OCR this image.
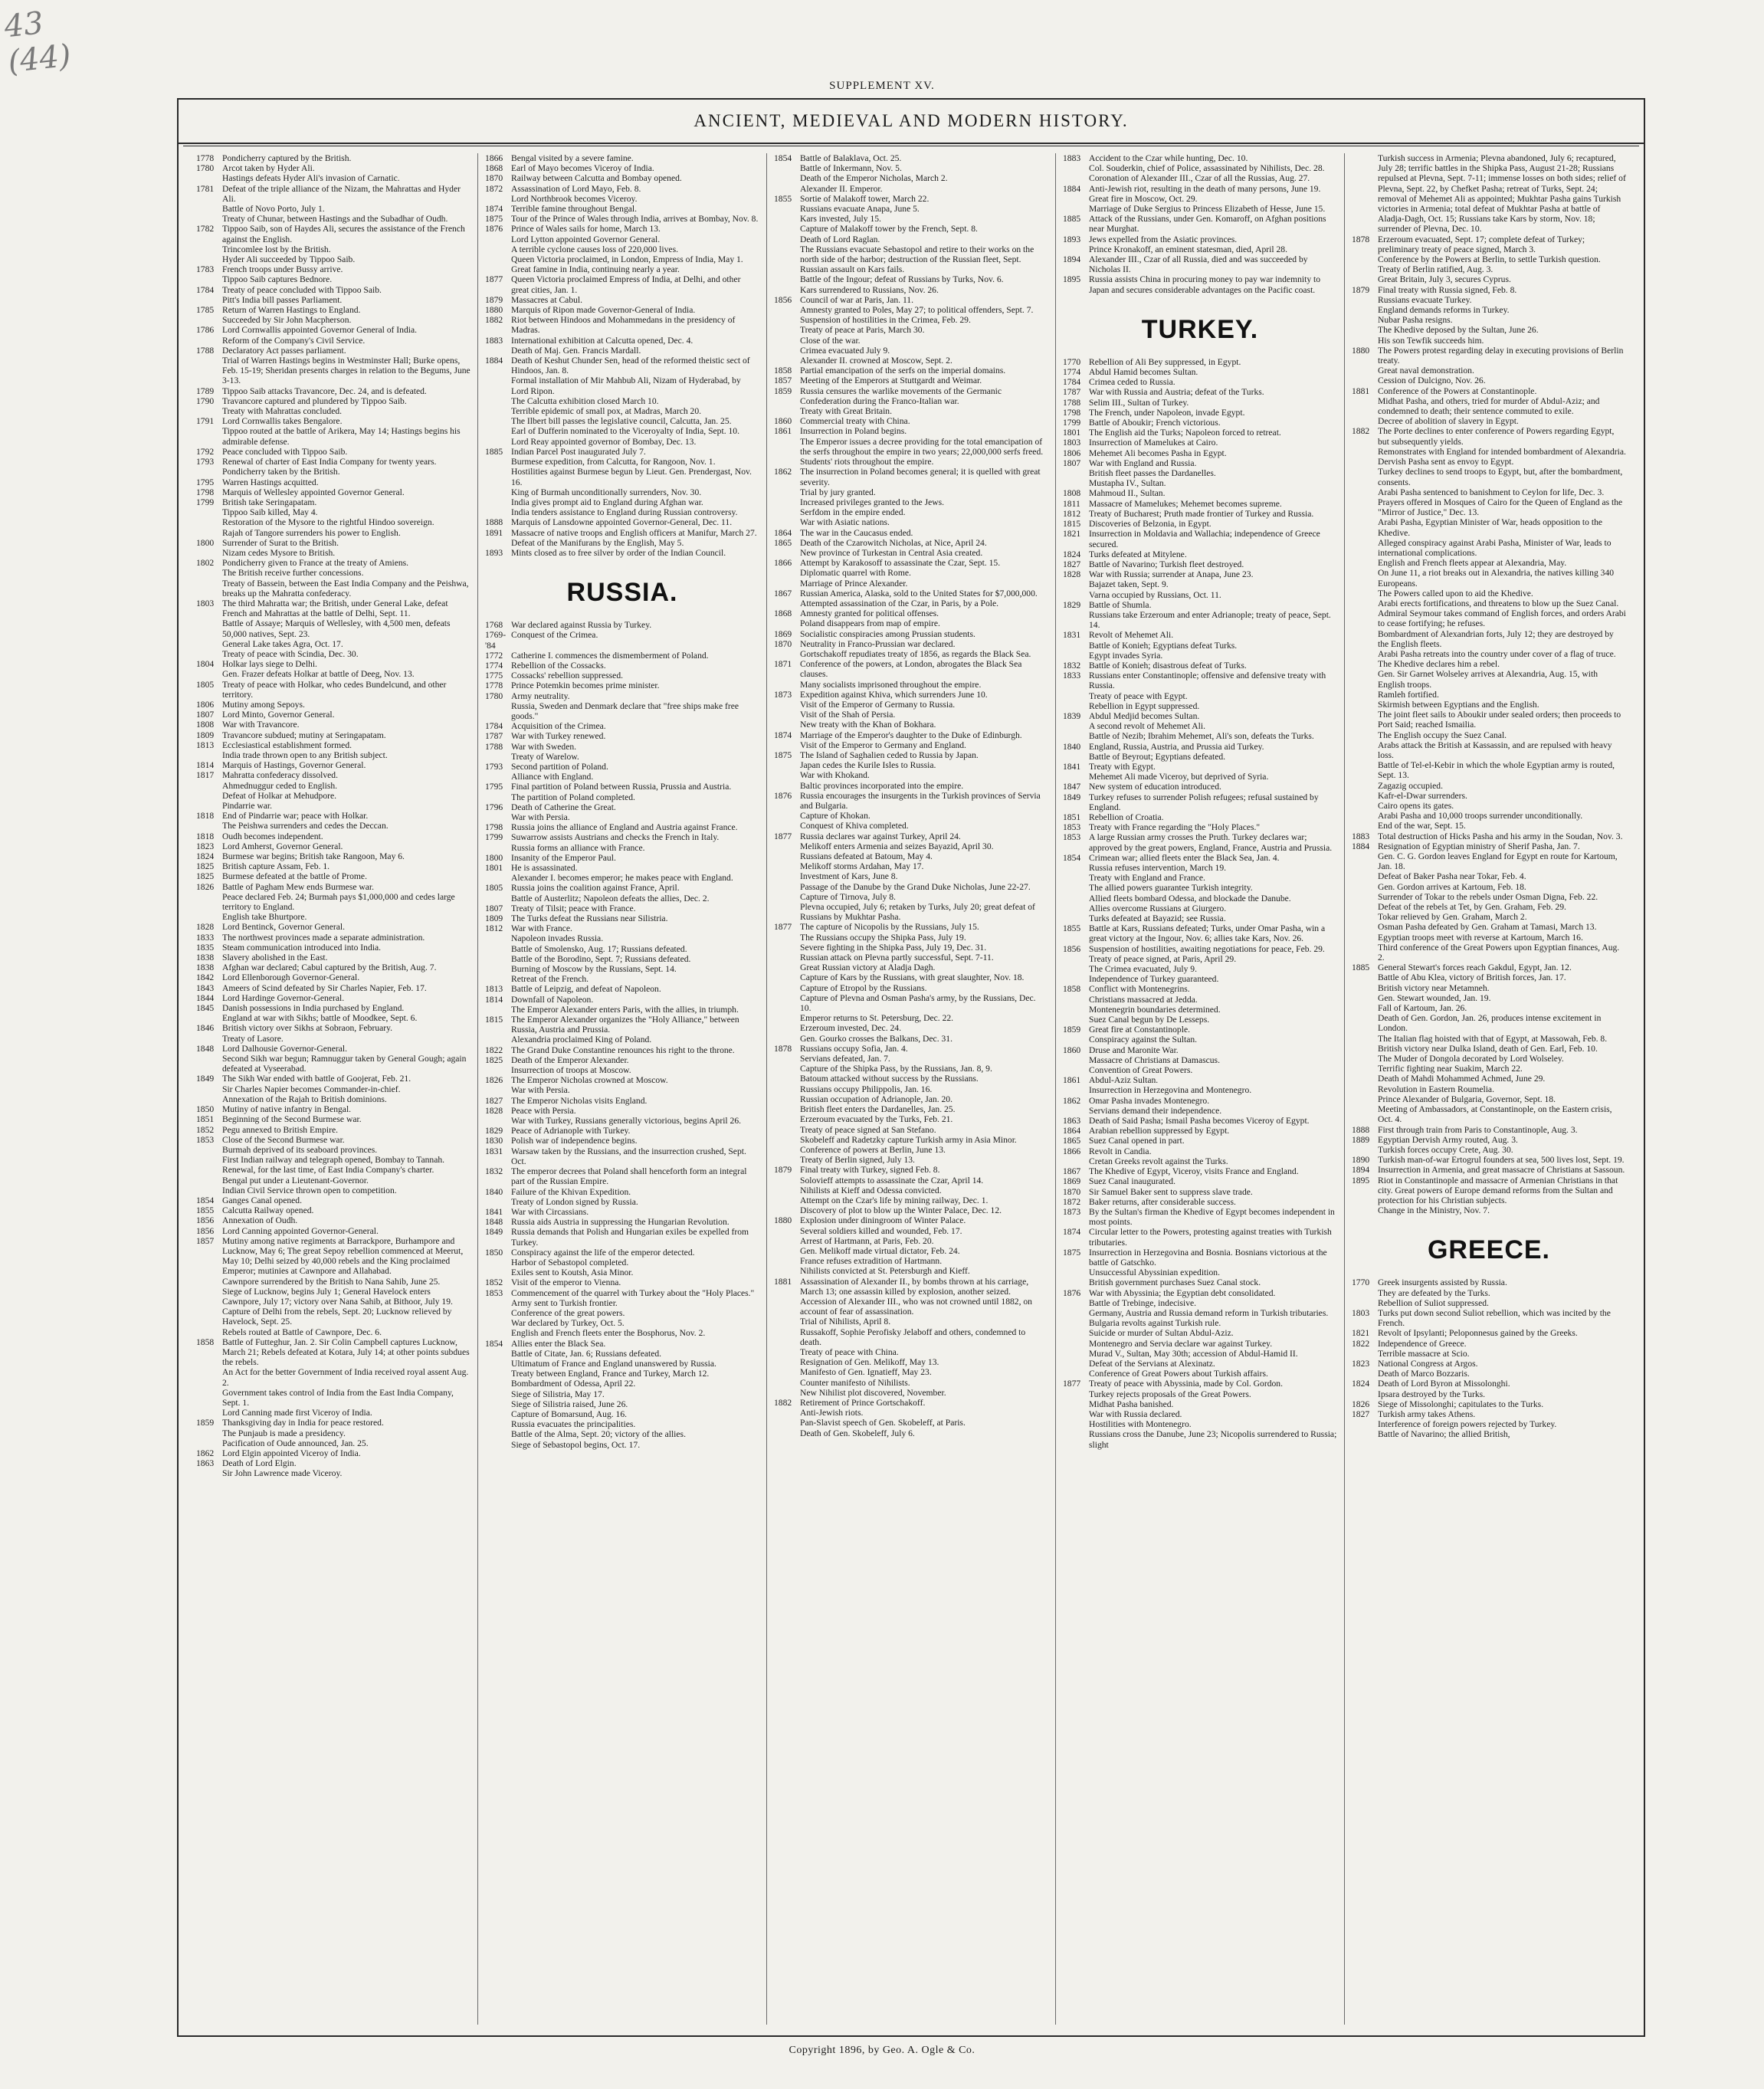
43
(44)
SUPPLEMENT XV.
ANCIENT, MEDIEVAL AND MODERN HISTORY.
1778 Pondicherry captured by the British.
1780 Arcot taken by Hyder Ali.
Hastings defeats Hyder Ali's invasion of Carnatic.
1781 Defeat of the triple alliance of the Nizam, the Mahrattas and Hyder Ali.
Battle of Novo Porto, July 1.
Treaty of Chunar, between Hastings and the Subadhar of Oudh.
1782 Tippoo Saib, son of Haydes Ali, secures the assistance of the French against the English.
Trincomlee lost by the British.
Hyder Ali succeeded by Tippoo Saib.
1783 French troops under Bussy arrive.
Tippoo Saib captures Bednore.
1784 Treaty of peace concluded with Tippoo Saib.
Pitt's India bill passes Parliament.
1785 Return of Warren Hastings to England.
Succeeded by Sir John Macpherson.
1786 Lord Cornwallis appointed Governor General of India.
Reform of the Company's Civil Service.
1788 Declaratory Act passes parliament.
Trial of Warren Hastings begins in Westminster Hall; Burke opens, Feb. 15-19; Sheridan presents charges in relation to the Begums, June 3-13.
1789 Tippoo Saib attacks Travancore, Dec. 24, and is defeated.
1790 Travancore captured and plundered by Tippoo Saib.
Treaty with Mahrattas concluded.
1791 Lord Cornwallis takes Bengalore.
Tippoo routed at the battle of Arikera, May 14; Hastings begins his admirable defense.
1792 Peace concluded with Tippoo Saib.
1793 Renewal of charter of East India Company for twenty years.
Pondicherry taken by the British.
1795 Warren Hastings acquitted.
1798 Marquis of Wellesley appointed Governor General.
1799 British take Seringapatam.
Tippoo Saib killed, May 4.
Restoration of the Mysore to the rightful Hindoo sovereign.
Rajah of Tangore surrenders his power to English.
1800 Surrender of Surat to the British.
Nizam cedes Mysore to British.
1802 Pondicherry given to France at the treaty of Amiens.
The British receive further concessions.
Treaty of Bassein, between the East India Company and the Peishwa, breaks up the Mahratta confederacy.
1803 The third Mahratta war; the British, under General Lake, defeat French and Mahrattas at the battle of Delhi, Sept. 11.
Battle of Assaye; Marquis of Wellesley, with 4,500 men, defeats 50,000 natives, Sept. 23.
General Lake takes Agra, Oct. 17.
Treaty of peace with Scindia, Dec. 30.
1804 Holkar lays siege to Delhi.
Gen. Frazer defeats Holkar at battle of Deeg, Nov. 13.
1805 Treaty of peace with Holkar, who cedes Bundelcund, and other territory.
1806 Mutiny among Sepoys.
1807 Lord Minto, Governor General.
1808 War with Travancore.
1809 Travancore subdued; mutiny at Seringapatam.
1813 Ecclesiastical establishment formed.
India trade thrown open to any British subject.
1814 Marquis of Hastings, Governor General.
1817 Mahratta confederacy dissolved.
Ahmednuggur ceded to English.
Defeat of Holkar at Mehudpore.
Pindarrie war.
1818 End of Pindarrie war; peace with Holkar.
The Peishwa surrenders and cedes the Deccan.
1818 Oudh becomes independent.
1823 Lord Amherst, Governor General.
1824 Burmese war begins; British take Rangoon, May 6.
1825 British capture Assam, Feb. 1.
1825 Burmese defeated at the battle of Prome.
1826 Battle of Pagham Mew ends Burmese war.
Peace declared Feb. 24; Burmah pays $1,000,000 and cedes large territory to England.
English take Bhurtpore.
1828 Lord Bentinck, Governor General.
1833 The northwest provinces made a separate administration.
1835 Steam communication introduced into India.
1838 Slavery abolished in the East.
1838 Afghan war declared; Cabul captured by the British, Aug. 7.
1842 Lord Ellenborough Governor-General.
1843 Ameers of Scind defeated by Sir Charles Napier, Feb. 17.
1844 Lord Hardinge Governor-General.
1845 Danish possessions in India purchased by England.
England at war with Sikhs; battle of Moodkee, Sept. 6.
1846 British victory over Sikhs at Sobraon, February.
Treaty of Lasore.
1848 Lord Dalhousie Governor-General.
Second Sikh war begun; Ramnuggur taken by General Gough; again defeated at Vyseerabad.
1849 The Sikh War ended with battle of Goojerat, Feb. 21.
Sir Charles Napier becomes Commander-in-chief.
Annexation of the Rajah to British dominions.
1850 Mutiny of native infantry in Bengal.
1851 Beginning of the Second Burmese war.
1852 Pegu annexed to British Empire.
1853 Close of the Second Burmese war.
Burmah deprived of its seaboard provinces.
First Indian railway and telegraph opened, Bombay to Tannah.
Renewal, for the last time, of East India Company's charter.
Bengal put under a Lieutenant-Governor.
Indian Civil Service thrown open to competition.
1854 Ganges Canal opened.
1855 Calcutta Railway opened.
1856 Annexation of Oudh.
1856 Lord Canning appointed Governor-General.
1857 Mutiny among native regiments at Barrackpore, Burhampore and Lucknow, May 6; The great Sepoy rebellion commenced at Meerut, May 10; Delhi seized by 40,000 rebels and the King proclaimed Emperor; mutinies at Cawnpore and Allahabad.
Cawnpore surrendered by the British to Nana Sahib, June 25.
Siege of Lucknow, begins July 1; General Havelock enters Cawnpore, July 17; victory over Nana Sahib, at Bithoor, July 19.
Capture of Delhi from the rebels, Sept. 20; Lucknow relieved by Havelock, Sept. 25.
Rebels routed at Battle of Cawnpore, Dec. 6.
1858 Battle of Futteghur, Jan. 2. Sir Colin Campbell captures Lucknow, March 21; Rebels defeated at Kotara, July 14; at other points subdues the rebels.
An Act for the better Government of India received royal assent Aug. 2.
Government takes control of India from the East India Company, Sept. 1.
Lord Canning made first Viceroy of India.
1859 Thanksgiving day in India for peace restored.
The Punjaub is made a presidency.
Pacification of Oude announced, Jan. 25.
1862 Lord Elgin appointed Viceroy of India.
1863 Death of Lord Elgin.
Sir John Lawrence made Viceroy.
1866 Bengal visited by a severe famine.
1868 Earl of Mayo becomes Viceroy of India.
1870 Railway between Calcutta and Bombay opened.
1872 Assassination of Lord Mayo, Feb. 8.
Lord Northbrook becomes Viceroy.
1874 Terrible famine throughout Bengal.
1875 Tour of the Prince of Wales through India, arrives at Bombay, Nov. 8.
1876 Prince of Wales sails for home, March 13.
Lord Lytton appointed Governor General.
A terrible cyclone causes loss of 220,000 lives.
Queen Victoria proclaimed, in London, Empress of India, May 1.
Great famine in India, continuing nearly a year.
1877 Queen Victoria proclaimed Empress of India, at Delhi, and other great cities, Jan. 1.
1879 Massacres at Cabul.
1880 Marquis of Ripon made Governor-General of India.
1882 Riot between Hindoos and Mohammedans in the presidency of Madras.
1883 International exhibition at Calcutta opened, Dec. 4.
Death of Maj. Gen. Francis Mardall.
1884 Death of Keshut Chunder Sen, head of the reformed theistic sect of Hindoos, Jan. 8.
Formal installation of Mir Mahbub Ali, Nizam of Hyderabad, by Lord Ripon.
The Calcutta exhibition closed March 10.
Terrible epidemic of small pox, at Madras, March 20.
The Ilbert bill passes the legislative council, Calcutta, Jan. 25.
Earl of Dufferin nominated to the Viceroyalty of India, Sept. 10.
Lord Reay appointed governor of Bombay, Dec. 13.
1885 Indian Parcel Post inaugurated July 7.
Burmese expedition, from Calcutta, for Rangoon, Nov. 1.
Hostilities against Burmese begun by Lieut. Gen. Prendergast, Nov. 16.
King of Burmah unconditionally surrenders, Nov. 30.
India gives prompt aid to England during Afghan war.
India tenders assistance to England during Russian controversy.
1888 Marquis of Lansdowne appointed Governor-General, Dec. 11.
1891 Massacre of native troops and English officers at Manifur, March 27.
Defeat of the Manifurans by the English, May 5.
1893 Mints closed as to free silver by order of the Indian Council.
RUSSIA.
1768 War declared against Russia by Turkey.
1769-'84
Conquest of the Crimea.
1772 Catherine I. commences the dismemberment of Poland.
1774 Rebellion of the Cossacks.
1775 Cossacks' rebellion suppressed.
1778 Prince Potemkin becomes prime minister.
1780 Army neutrality.
Russia, Sweden and Denmark declare that "free ships make free goods."
1784 Acquisition of the Crimea.
1787 War with Turkey renewed.
1788 War with Sweden.
Treaty of Warelow.
1793 Second partition of Poland.
Alliance with England.
1795 Final partition of Poland between Russia, Prussia and Austria.
The partition of Poland completed.
1796 Death of Catherine the Great.
War with Persia.
1798 Russia joins the alliance of England and Austria against France.
1799 Suwarrow assists Austrians and checks the French in Italy.
Russia forms an alliance with France.
1800 Insanity of the Emperor Paul.
1801 He is assassinated.
Alexander I. becomes emperor; he makes peace with England.
1805 Russia joins the coalition against France, April.
Battle of Austerlitz; Napoleon defeats the allies, Dec. 2.
1807 Treaty of Tilsit; peace with France.
1809 The Turks defeat the Russians near Silistria.
1812 War with France.
Napoleon invades Russia.
Battle of Smolensko, Aug. 17; Russians defeated.
Battle of the Borodino, Sept. 7; Russians defeated.
Burning of Moscow by the Russians, Sept. 14.
Retreat of the French.
1813 Battle of Leipzig, and defeat of Napoleon.
1814 Downfall of Napoleon.
The Emperor Alexander enters Paris, with the allies, in triumph.
1815 The Emperor Alexander organizes the "Holy Alliance," between Russia, Austria and Prussia.
Alexandria proclaimed King of Poland.
1822 The Grand Duke Constantine renounces his right to the throne.
1825 Death of the Emperor Alexander.
Insurrection of troops at Moscow.
1826 The Emperor Nicholas crowned at Moscow.
War with Persia.
1827 The Emperor Nicholas visits England.
1828 Peace with Persia.
War with Turkey, Russians generally victorious, begins April 26.
1829 Peace of Adrianople with Turkey.
1830 Polish war of independence begins.
1831 Warsaw taken by the Russians, and the insurrection crushed, Sept. Oct.
1832 The emperor decrees that Poland shall henceforth form an integral part of the Russian Empire.
1840 Failure of the Khivan Expedition.
Treaty of London signed by Russia.
1841 War with Circassians.
1848 Russia aids Austria in suppressing the Hungarian Revolution.
1849 Russia demands that Polish and Hungarian exiles be expelled from Turkey.
1850 Conspiracy against the life of the emperor detected.
Harbor of Sebastopol completed.
Exiles sent to Koutsh, Asia Minor.
1852 Visit of the emperor to Vienna.
1853 Commencement of the quarrel with Turkey about the "Holy Places."
Army sent to Turkish frontier.
Conference of the great powers.
War declared by Turkey, Oct. 5.
English and French fleets enter the Bosphorus, Nov. 2.
1854 Allies enter the Black Sea.
Battle of Citate, Jan. 6; Russians defeated.
Ultimatum of France and England unanswered by Russia.
Treaty between England, France and Turkey, March 12.
Bombardment of Odessa, April 22.
Siege of Silistria, May 17.
Siege of Silistria raised, June 26.
Capture of Bomarsund, Aug. 16.
Russia evacuates the principalities.
Battle of the Alma, Sept. 20; victory of the allies.
Siege of Sebastopol begins, Oct. 17.
1854 Battle of Balaklava, Oct. 25.
Battle of Inkermann, Nov. 5.
Death of the Emperor Nicholas, March 2.
Alexander II. Emperor.
1855 Sortie of Malakoff tower, March 22.
Russians evacuate Anapa, June 5.
Kars invested, July 15.
Capture of Malakoff tower by the French, Sept. 8.
Death of Lord Raglan.
The Russians evacuate Sebastopol and retire to their works on the north side of the harbor; destruction of the Russian fleet, Sept.
Russian assault on Kars fails.
Battle of the Ingour; defeat of Russians by Turks, Nov. 6.
Kars surrendered to Russians, Nov. 26.
1856 Council of war at Paris, Jan. 11.
Amnesty granted to Poles, May 27; to political offenders, Sept. 7.
Suspension of hostilities in the Crimea, Feb. 29.
Treaty of peace at Paris, March 30.
Close of the war.
Crimea evacuated July 9.
Alexander II. crowned at Moscow, Sept. 2.
1858 Partial emancipation of the serfs on the imperial domains.
1857 Meeting of the Emperors at Stuttgardt and Weimar.
1859 Russia censures the warlike movements of the Germanic Confederation during the Franco-Italian war.
Treaty with Great Britain.
1860 Commercial treaty with China.
1861 Insurrection in Poland begins.
The Emperor issues a decree providing for the total emancipation of the serfs throughout the empire in two years; 22,000,000 serfs freed.
Students' riots throughout the empire.
1862 The insurrection in Poland becomes general; it is quelled with great severity.
Trial by jury granted.
Increased privileges granted to the Jews.
Serfdom in the empire ended.
War with Asiatic nations.
1864 The war in the Caucasus ended.
1865 Death of the Czarowitch Nicholas, at Nice, April 24.
New province of Turkestan in Central Asia created.
1866 Attempt by Karakosoff to assassinate the Czar, Sept. 15.
Diplomatic quarrel with Rome.
Marriage of Prince Alexander.
1867 Russian America, Alaska, sold to the United States for $7,000,000.
Attempted assassination of the Czar, in Paris, by a Pole.
1868 Amnesty granted for political offenses.
Poland disappears from map of empire.
1869 Socialistic conspiracies among Prussian students.
1870 Neutrality in Franco-Prussian war declared.
Gortschakoff repudiates treaty of 1856, as regards the Black Sea.
1871 Conference of the powers, at London, abrogates the Black Sea clauses.
Many socialists imprisoned throughout the empire.
1873 Expedition against Khiva, which surrenders June 10.
Visit of the Emperor of Germany to Russia.
Visit of the Shah of Persia.
New treaty with the Khan of Bokhara.
1874 Marriage of the Emperor's daughter to the Duke of Edinburgh.
Visit of the Emperor to Germany and England.
1875 The Island of Saghalien ceded to Russia by Japan.
Japan cedes the Kurile Isles to Russia.
War with Khokand.
Baltic provinces incorporated into the empire.
1876 Russia encourages the insurgents in the Turkish provinces of Servia and Bulgaria.
Capture of Khokan.
Conquest of Khiva completed.
1877 Russia declares war against Turkey, April 24.
Melikoff enters Armenia and seizes Bayazid, April 30.
Russians defeated at Batoum, May 4.
Melikoff storms Ardahan, May 17.
Investment of Kars, June 8.
Passage of the Danube by the Grand Duke Nicholas, June 22-27.
Capture of Tirnova, July 8.
Plevna occupied, July 6; retaken by Turks, July 20; great defeat of Russians by Mukhtar Pasha.
1877 The capture of Nicopolis by the Russians, July 15.
The Russians occupy the Shipka Pass, July 19.
Severe fighting in the Shipka Pass, July 19, Dec. 31.
Russian attack on Plevna partly successful, Sept. 7-11.
Great Russian victory at Aladja Dagh.
Capture of Kars by the Russians, with great slaughter, Nov. 18.
Capture of Etropol by the Russians.
Capture of Plevna and Osman Pasha's army, by the Russians, Dec. 10.
Emperor returns to St. Petersburg, Dec. 22.
Erzeroum invested, Dec. 24.
Gen. Gourko crosses the Balkans, Dec. 31.
1878 Russians occupy Sofia, Jan. 4.
Servians defeated, Jan. 7.
Capture of the Shipka Pass, by the Russians, Jan. 8, 9.
Batoum attacked without success by the Russians.
Russians occupy Philippolis, Jan. 16.
Russian occupation of Adrianople, Jan. 20.
British fleet enters the Dardanelles, Jan. 25.
Erzeroum evacuated by the Turks, Feb. 21.
Treaty of peace signed at San Stefano.
Skobeleff and Radetzky capture Turkish army in Asia Minor.
Conference of powers at Berlin, June 13.
Treaty of Berlin signed, July 13.
1879 Final treaty with Turkey, signed Feb. 8.
Solovieff attempts to assassinate the Czar, April 14.
Nihilists at Kieff and Odessa convicted.
Attempt on the Czar's life by mining railway, Dec. 1.
Discovery of plot to blow up the Winter Palace, Dec. 12.
1880 Explosion under diningroom of Winter Palace.
Several soldiers killed and wounded, Feb. 17.
Arrest of Hartmann, at Paris, Feb. 20.
Gen. Melikoff made virtual dictator, Feb. 24.
France refuses extradition of Hartmann.
Nihilists convicted at St. Petersburgh and Kieff.
1881 Assassination of Alexander II., by bombs thrown at his carriage, March 13; one assassin killed by explosion, another seized.
Accession of Alexander III., who was not crowned until 1882, on account of fear of assassination.
Trial of Nihilists, April 8.
Russakoff, Sophie Perofisky Jelaboff and others, condemned to death.
Treaty of peace with China.
Resignation of Gen. Melikoff, May 13.
Manifesto of Gen. Ignatieff, May 23.
Counter manifesto of Nihilists.
New Nihilist plot discovered, November.
1882 Retirement of Prince Gortschakoff.
Anti-Jewish riots.
Pan-Slavist speech of Gen. Skobeleff, at Paris.
Death of Gen. Skobeleff, July 6.
1883 Accident to the Czar while hunting, Dec. 10.
Col. Souderkin, chief of Police, assassinated by Nihilists, Dec. 28.
Coronation of Alexander III., Czar of all the Russias, Aug. 27.
1884 Anti-Jewish riot, resulting in the death of many persons, June 19.
Great fire in Moscow, Oct. 29.
Marriage of Duke Sergius to Princess Elizabeth of Hesse, June 15.
1885 Attack of the Russians, under Gen. Komaroff, on Afghan positions near Murghat.
1893 Jews expelled from the Asiatic provinces.
Prince Kronakoff, an eminent statesman, died, April 28.
1894 Alexander III., Czar of all Russia, died and was succeeded by Nicholas II.
1895 Russia assists China in procuring money to pay war indemnity to Japan and secures considerable advantages on the Pacific coast.
TURKEY.
1770 Rebellion of Ali Bey suppressed, in Egypt.
1774 Abdul Hamid becomes Sultan.
1784 Crimea ceded to Russia.
1787 War with Russia and Austria; defeat of the Turks.
1788 Selim III., Sultan of Turkey.
1798 The French, under Napoleon, invade Egypt.
1799 Battle of Aboukir; French victorious.
1801 The English aid the Turks; Napoleon forced to retreat.
1803 Insurrection of Mamelukes at Cairo.
1806 Mehemet Ali becomes Pasha in Egypt.
1807 War with England and Russia.
British fleet passes the Dardanelles.
Mustapha IV., Sultan.
1808 Mahmoud II., Sultan.
1811 Massacre of Mamelukes; Mehemet becomes supreme.
1812 Treaty of Bucharest; Pruth made frontier of Turkey and Russia.
1815 Discoveries of Belzonia, in Egypt.
1821 Insurrection in Moldavia and Wallachia; independence of Greece secured.
1824 Turks defeated at Mitylene.
1827 Battle of Navarino; Turkish fleet destroyed.
1828 War with Russia; surrender at Anapa, June 23.
Bajazet taken, Sept. 9.
Varna occupied by Russians, Oct. 11.
1829 Battle of Shumla.
Russians take Erzeroum and enter Adrianople; treaty of peace, Sept. 14.
1831 Revolt of Mehemet Ali.
Battle of Konieh; Egyptians defeat Turks.
Egypt invades Syria.
1832 Battle of Konieh; disastrous defeat of Turks.
1833 Russians enter Constantinople; offensive and defensive treaty with Russia.
Treaty of peace with Egypt.
Rebellion in Egypt suppressed.
1839 Abdul Medjid becomes Sultan.
A second revolt of Mehemet Ali.
Battle of Nezib; Ibrahim Mehemet, Ali's son, defeats the Turks.
1840 England, Russia, Austria, and Prussia aid Turkey.
Battle of Beyrout; Egyptians defeated.
1841 Treaty with Egypt.
Mehemet Ali made Viceroy, but deprived of Syria.
1847 New system of education introduced.
1849 Turkey refuses to surrender Polish refugees; refusal sustained by England.
1851 Rebellion of Croatia.
1853 Treaty with France regarding the "Holy Places."
1853 A large Russian army crosses the Pruth. Turkey declares war; approved by the great powers, England, France, Austria and Prussia.
1854 Crimean war; allied fleets enter the Black Sea, Jan. 4.
Russia refuses intervention, March 19.
Treaty with England and France.
The allied powers guarantee Turkish integrity.
Allied fleets bombard Odessa, and blockade the Danube.
Allies overcome Russians at Giurgero.
Turks defeated at Bayazid; see Russia.
1855 Battle at Kars, Russians defeated; Turks, under Omar Pasha, win a great victory at the Ingour, Nov. 6; allies take Kars, Nov. 26.
1856 Suspension of hostilities, awaiting negotiations for peace, Feb. 29.
Treaty of peace signed, at Paris, April 29.
The Crimea evacuated, July 9.
Independence of Turkey guaranteed.
1858 Conflict with Montenegrins.
Christians massacred at Jedda.
Montenegrin boundaries determined.
Suez Canal begun by De Lesseps.
1859 Great fire at Constantinople.
Conspiracy against the Sultan.
1860 Druse and Maronite War.
Massacre of Christians at Damascus.
Convention of Great Powers.
1861 Abdul-Aziz Sultan.
Insurrection in Herzegovina and Montenegro.
1862 Omar Pasha invades Montenegro.
Servians demand their independence.
1863 Death of Said Pasha; Ismail Pasha becomes Viceroy of Egypt.
1864 Arabian rebellion suppressed by Egypt.
1865 Suez Canal opened in part.
1866 Revolt in Candia.
Cretan Greeks revolt against the Turks.
1867 The Khedive of Egypt, Viceroy, visits France and England.
1869 Suez Canal inaugurated.
1870 Sir Samuel Baker sent to suppress slave trade.
1872 Baker returns, after considerable success.
1873 By the Sultan's firman the Khedive of Egypt becomes independent in most points.
1874 Circular letter to the Powers, protesting against treaties with Turkish tributaries.
1875 Insurrection in Herzegovina and Bosnia. Bosnians victorious at the battle of Gatschko.
Unsuccessful Abyssinian expedition.
British government purchases Suez Canal stock.
1876 War with Abyssinia; the Egyptian debt consolidated.
Battle of Trebinge, indecisive.
Germany, Austria and Russia demand reform in Turkish tributaries.
Bulgaria revolts against Turkish rule.
Suicide or murder of Sultan Abdul-Aziz.
Montenegro and Servia declare war against Turkey.
Murad V., Sultan, May 30th; accession of Abdul-Hamid II.
Defeat of the Servians at Alexinatz.
Conference of Great Powers about Turkish affairs.
1877 Treaty of peace with Abyssinia, made by Col. Gordon.
Turkey rejects proposals of the Great Powers.
Midhat Pasha banished.
War with Russia declared.
Hostilities with Montenegro.
Russians cross the Danube, June 23; Nicopolis surrendered to Russia; slight
Turkish success in Armenia; Plevna abandoned, July 6; recaptured, July 28; terrific battles in the Shipka Pass, August 21-28; Russians repulsed at Plevna, Sept. 7-11; immense losses on both sides; relief of Plevna, Sept. 22, by Chefket Pasha; retreat of Turks, Sept. 24; removal of Mehemet Ali as appointed; Mukhtar Pasha gains Turkish victories in Armenia; total defeat of Mukhtar Pasha at battle of Aladja-Dagh, Oct. 15; Russians take Kars by storm, Nov. 18; surrender of Plevna, Dec. 10.
1878 Erzeroum evacuated, Sept. 17; complete defeat of Turkey; preliminary treaty of peace signed, March 3.
Conference by the Powers at Berlin, to settle Turkish question.
Treaty of Berlin ratified, Aug. 3.
Great Britain, July 3, secures Cyprus.
1879 Final treaty with Russia signed, Feb. 8.
Russians evacuate Turkey.
England demands reforms in Turkey.
Nubar Pasha resigns.
The Khedive deposed by the Sultan, June 26.
His son Tewfik succeeds him.
1880 The Powers protest regarding delay in executing provisions of Berlin treaty.
Great naval demonstration.
Cession of Dulcigno, Nov. 26.
1881 Conference of the Powers at Constantinople.
Midhat Pasha, and others, tried for murder of Abdul-Aziz; and condemned to death; their sentence commuted to exile.
Decree of abolition of slavery in Egypt.
1882 The Porte declines to enter conference of Powers regarding Egypt, but subsequently yields.
Remonstrates with England for intended bombardment of Alexandria.
Dervish Pasha sent as envoy to Egypt.
Turkey declines to send troops to Egypt, but, after the bombardment, consents.
Arabi Pasha sentenced to banishment to Ceylon for life, Dec. 3.
Prayers offered in Mosques of Cairo for the Queen of England as the "Mirror of Justice," Dec. 13.
Arabi Pasha, Egyptian Minister of War, heads opposition to the Khedive.
Alleged conspiracy against Arabi Pasha, Minister of War, leads to international complications.
English and French fleets appear at Alexandria, May.
On June 11, a riot breaks out in Alexandria, the natives killing 340 Europeans.
The Powers called upon to aid the Khedive.
Arabi erects fortifications, and threatens to blow up the Suez Canal.
Admiral Seymour takes command of English forces, and orders Arabi to cease fortifying; he refuses.
Bombardment of Alexandrian forts, July 12; they are destroyed by the English fleets.
Arabi Pasha retreats into the country under cover of a flag of truce.
The Khedive declares him a rebel.
Gen. Sir Garnet Wolseley arrives at Alexandria, Aug. 15, with English troops.
Ramleh fortified.
Skirmish between Egyptians and the English.
The joint fleet sails to Aboukir under sealed orders; then proceeds to Port Said; reached Ismailia.
The English occupy the Suez Canal.
Arabs attack the British at Kassassin, and are repulsed with heavy loss.
Battle of Tel-el-Kebir in which the whole Egyptian army is routed, Sept. 13.
Zagazig occupied.
Kafr-el-Dwar surrenders.
Cairo opens its gates.
Arabi Pasha and 10,000 troops surrender unconditionally.
End of the war, Sept. 15.
1883 Total destruction of Hicks Pasha and his army in the Soudan, Nov. 3.
1884 Resignation of Egyptian ministry of Sherif Pasha, Jan. 7.
Gen. C. G. Gordon leaves England for Egypt en route for Kartoum, Jan. 18.
Defeat of Baker Pasha near Tokar, Feb. 4.
Gen. Gordon arrives at Kartoum, Feb. 18.
Surrender of Tokar to the rebels under Osman Digna, Feb. 22.
Defeat of the rebels at Tet, by Gen. Graham, Feb. 29.
Tokar relieved by Gen. Graham, March 2.
Osman Pasha defeated by Gen. Graham at Tamasi, March 13.
Egyptian troops meet with reverse at Kartoum, March 16.
Third conference of the Great Powers upon Egyptian finances, Aug. 2.
1885 General Stewart's forces reach Gakdul, Egypt, Jan. 12.
Battle of Abu Klea, victory of British forces, Jan. 17.
British victory near Metamneh.
Gen. Stewart wounded, Jan. 19.
Fall of Kartoum, Jan. 26.
Death of Gen. Gordon, Jan. 26, produces intense excitement in London.
The Italian flag hoisted with that of Egypt, at Massowah, Feb. 8.
British victory near Dulka Island, death of Gen. Earl, Feb. 10.
The Muder of Dongola decorated by Lord Wolseley.
Terrific fighting near Suakim, March 22.
Death of Mahdi Mohammed Achmed, June 29.
Revolution in Eastern Roumelia.
Prince Alexander of Bulgaria, Governor, Sept. 18.
Meeting of Ambassadors, at Constantinople, on the Eastern crisis, Oct. 4.
1888 First through train from Paris to Constantinople, Aug. 3.
1889 Egyptian Dervish Army routed, Aug. 3.
Turkish forces occupy Crete, Aug. 30.
1890 Turkish man-of-war Ertogrul founders at sea, 500 lives lost, Sept. 19.
1894 Insurrection in Armenia, and great massacre of Christians at Sassoun.
1895 Riot in Constantinople and massacre of Armenian Christians in that city. Great powers of Europe demand reforms from the Sultan and protection for his Christian subjects.
Change in the Ministry, Nov. 7.
GREECE.
1770 Greek insurgents assisted by Russia.
They are defeated by the Turks.
Rebellion of Suliot suppressed.
1803 Turks put down second Suliot rebellion, which was incited by the French.
1821 Revolt of Ipsylanti; Peloponnesus gained by the Greeks.
1822 Independence of Greece.
Terrible massacre at Scio.
1823 National Congress at Argos.
Death of Marco Bozzaris.
1824 Death of Lord Byron at Missolonghi.
Ipsara destroyed by the Turks.
1826 Siege of Missolonghi; capitulates to the Turks.
1827 Turkish army takes Athens.
Interference of foreign powers rejected by Turkey.
Battle of Navarino; the allied British,
Copyright 1896, by Geo. A. Ogle & Co.
